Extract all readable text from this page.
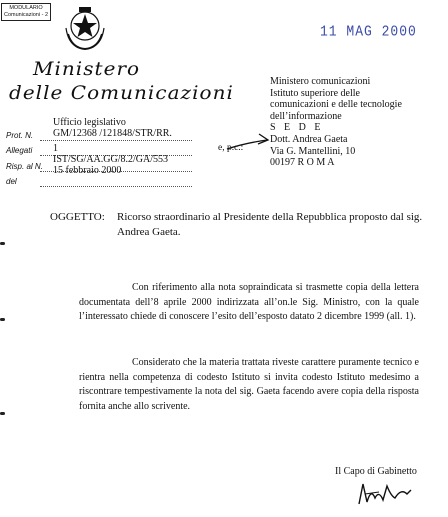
MODULARIO
Comunicazioni - 2
11 MAG 2000
Ministero
delle Comunicazioni
Ufficio legislativo
Prot. N. GM/12368 /121848/STR/RR.
Allegati 1
Risp. al N.
IST/SG/AA.GG/8.2/GA/553
15 febbraio 2000
del
Ministero comunicazioni
Istituto superiore delle
comunicazioni e delle tecnologie
dell’informazione
S E D E
Dott. Andrea Gaeta
Via G. Mantellini, 10
00197 R O M A
e, p.c.:
OGGETTO: Ricorso straordinario al Presidente della Repubblica proposto dal sig. Andrea Gaeta.
Con riferimento alla nota sopraindicata si trasmette copia della lettera documentata dell’8 aprile 2000 indirizzata all’on.le Sig. Ministro, con la quale l’interessato chiede di conoscere l’esito dell’esposto datato 2 dicembre 1999 (all. 1).
Considerato che la materia trattata riveste carattere puramente tecnico e rientra nella competenza di codesto Istituto si invita codesto Istituto medesimo a riscontrare tempestivamente la nota del sig. Gaeta facendo avere copia della risposta fornita anche allo scrivente.
Il Capo di Gabinetto
